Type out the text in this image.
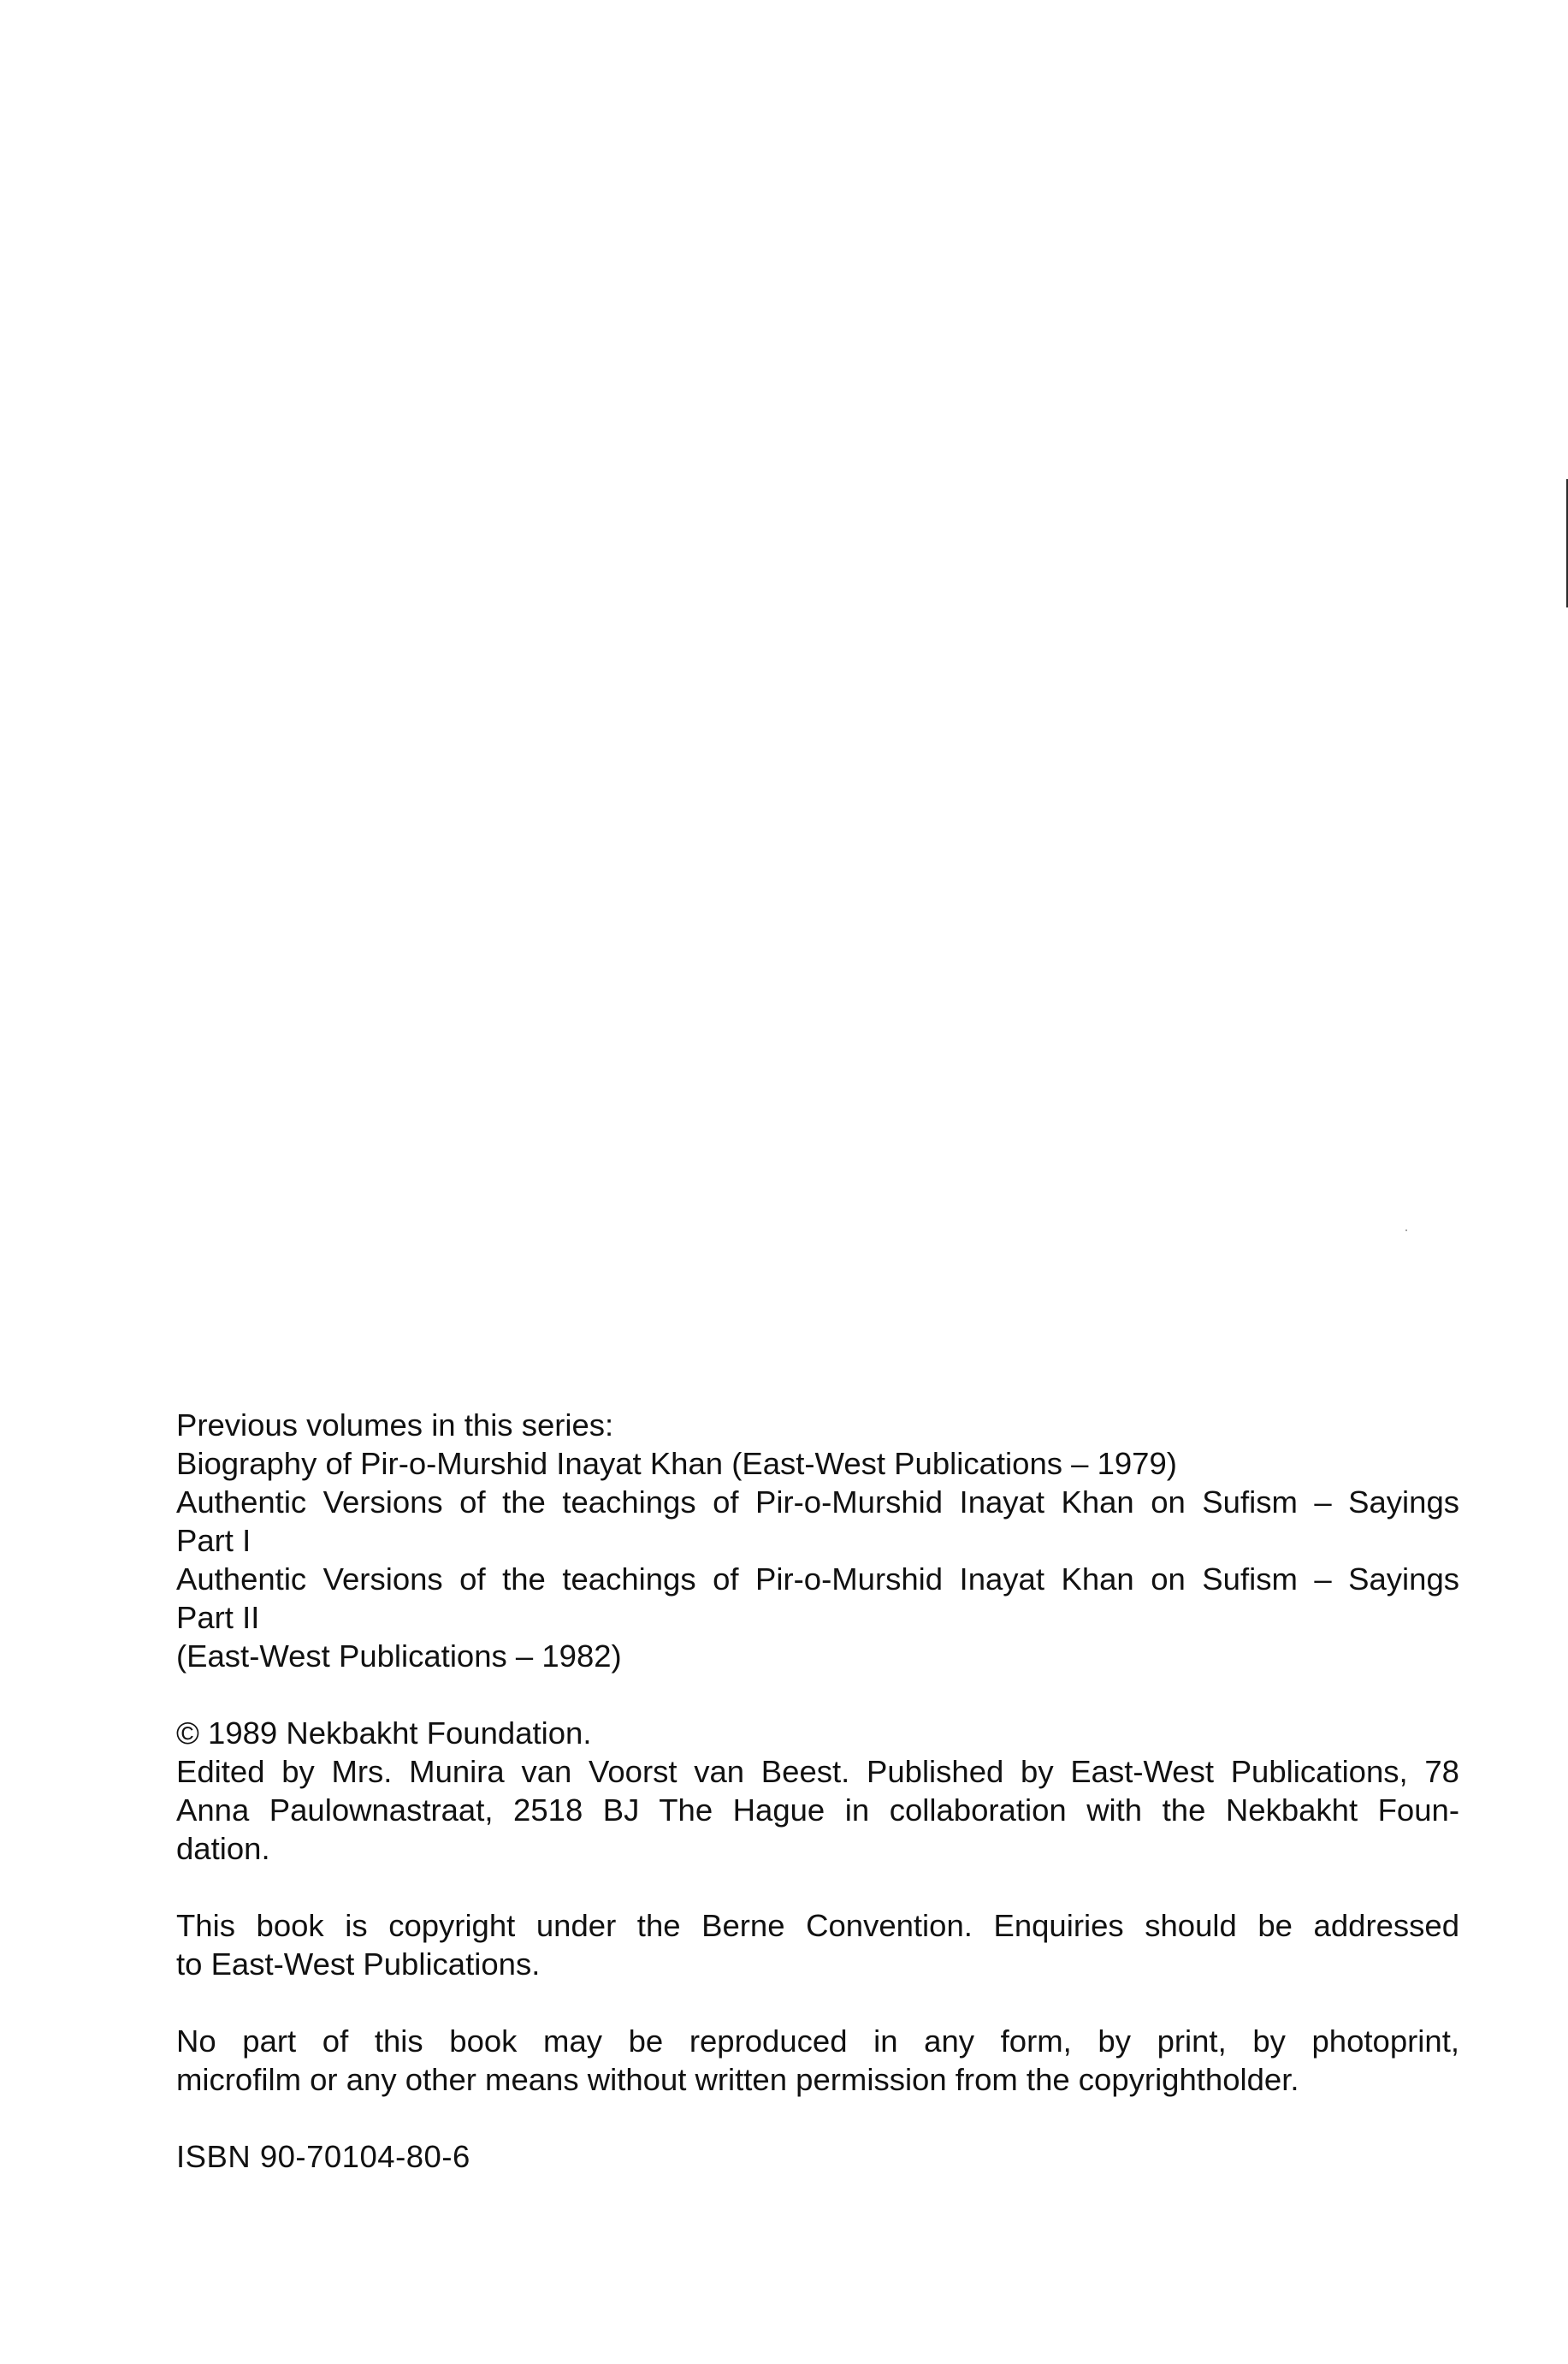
Previous volumes in this series:
Biography of Pir-o-Murshid Inayat Khan (East-West Publications – 1979)
Authentic Versions of the teachings of Pir-o-Murshid Inayat Khan on Sufism – Sayings
Part I
Authentic Versions of the teachings of Pir-o-Murshid Inayat Khan on Sufism – Sayings
Part II
(East-West Publications – 1982)

© 1989 Nekbakht Foundation.
Edited by Mrs. Munira van Voorst van Beest. Published by East-West Publications, 78
Anna Paulownastraat, 2518 BJ The Hague in collaboration with the Nekbakht Foun-
dation.

This book is copyright under the Berne Convention. Enquiries should be addressed
to East-West Publications.

No part of this book may be reproduced in any form, by print, by photoprint,
microfilm or any other means without written permission from the copyrightholder.

ISBN 90-70104-80-6
